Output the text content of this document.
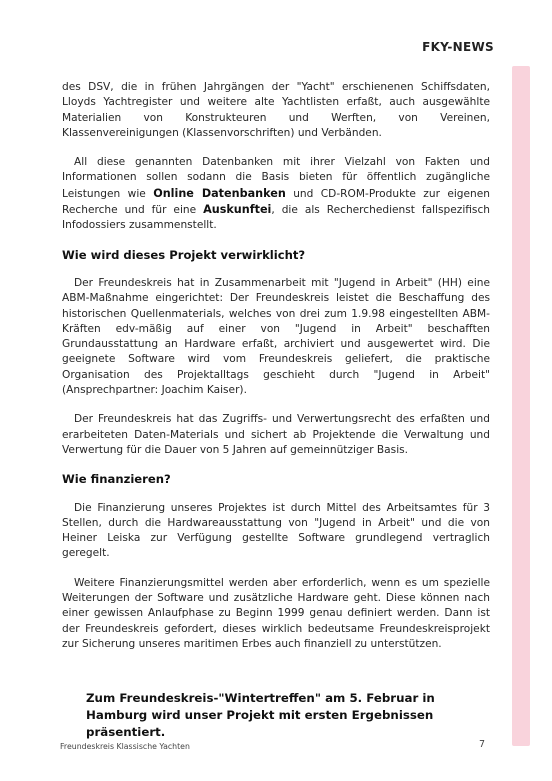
FKY-NEWS

des DSV, die in frühen Jahrgängen der "Yacht" erschienenen Schiffsdaten, Lloyds Yachtregister und weitere alte Yachtlisten erfaßt, auch ausgewählte Materialien von Konstrukteuren und Werften, von Vereinen, Klassenvereinigungen (Klassenvorschriften) und Verbänden.

All diese genannten Datenbanken mit ihrer Vielzahl von Fakten und Informationen sollen sodann die Basis bieten für öffentlich zugängliche Leistungen wie Online Datenbanken und CD-ROM-Produkte zur eigenen Recherche und für eine Auskunftei, die als Recherchedienst fallspezifisch Infodossiers zusammenstellt.

Wie wird dieses Projekt verwirklicht?

Der Freundeskreis hat in Zusammenarbeit mit "Jugend in Arbeit" (HH) eine ABM-Maßnahme eingerichtet: Der Freundeskreis leistet die Beschaffung des historischen Quellenmaterials, welches von drei zum 1.9.98 eingestellten ABM-Kräften edv-mäßig auf einer von "Jugend in Arbeit" beschafften Grundausstattung an Hardware erfaßt, archiviert und ausgewertet wird. Die geeignete Software wird vom Freundeskreis geliefert, die praktische Organisation des Projektalltags geschieht durch "Jugend in Arbeit" (Ansprechpartner: Joachim Kaiser).

Der Freundeskreis hat das Zugriffs- und Verwertungsrecht des erfaßten und erarbeiteten Daten-Materials und sichert ab Projektende die Verwaltung und Verwertung für die Dauer von 5 Jahren auf gemeinnütziger Basis.

Wie finanzieren?

Die Finanzierung unseres Projektes ist durch Mittel des Arbeitsamtes für 3 Stellen, durch die Hardwareausstattung von "Jugend in Arbeit" und die von Heiner Leiska zur Verfügung gestellte Software grundlegend vertraglich geregelt.

Weitere Finanzierungsmittel werden aber erforderlich, wenn es um spezielle Weiterungen der Software und zusätzliche Hardware geht. Diese können nach einer gewissen Anlaufphase zu Beginn 1999 genau definiert werden. Dann ist der Freundeskreis gefordert, dieses wirklich bedeutsame Freundeskreisprojekt zur Sicherung unseres maritimen Erbes auch finanziell zu unterstützen.

Zum Freundeskreis-"Wintertreffen" am 5. Februar in Hamburg wird unser Projekt mit ersten Ergebnissen präsentiert.
Freundeskreis Klassische Yachten	7
